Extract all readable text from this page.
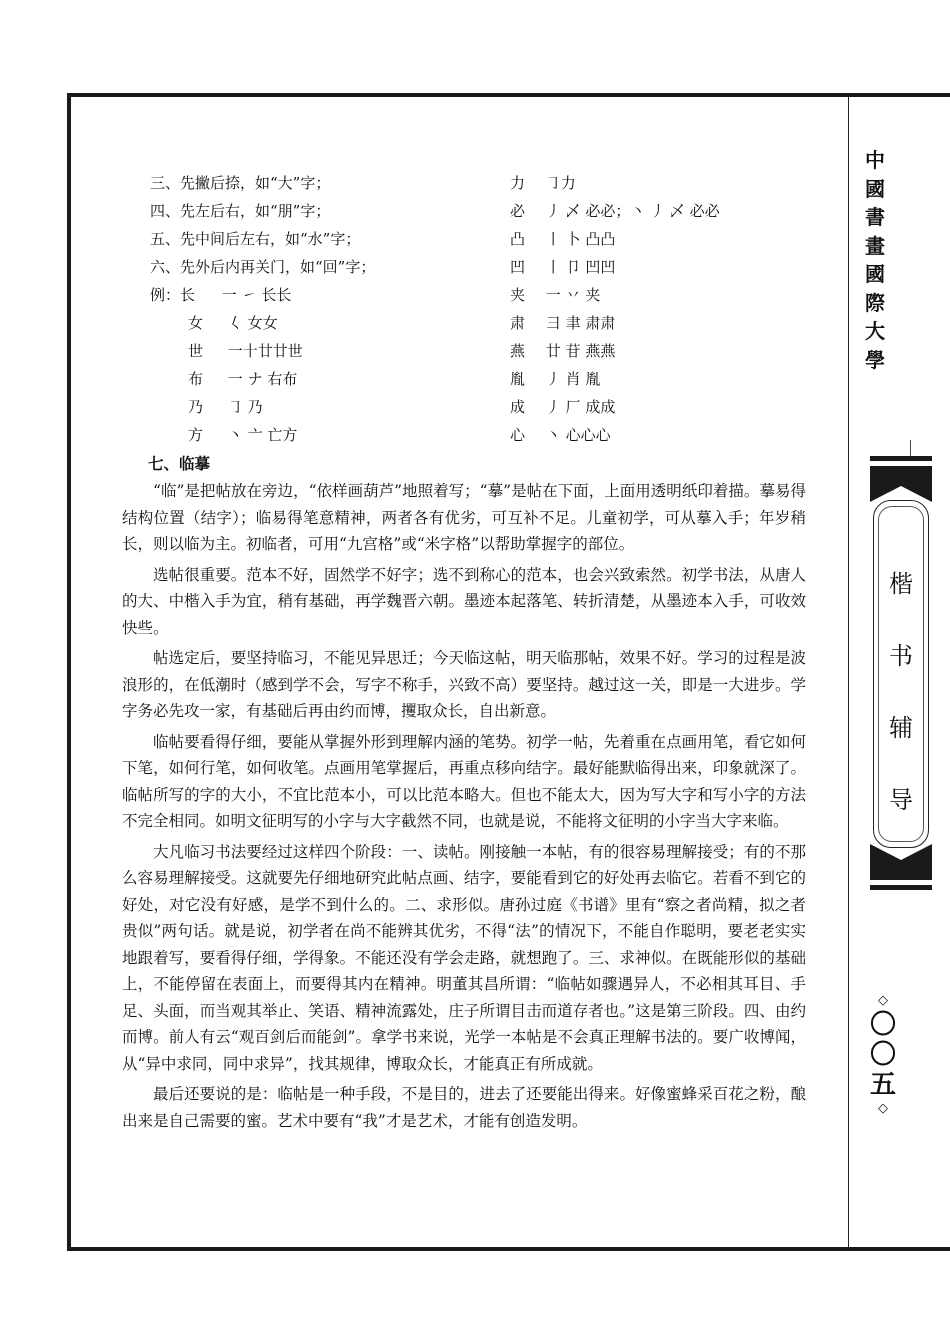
中
國
書
畫
國
際
大
學
楷
书
辅
导
◇
〇
〇
五
◇
三、先撇后捺，如“大”字；
四、先左后右，如“朋”字；
五、先中间后左右，如“水”字；
六、先外后内再关门，如“回”字；
例：长 一 ㇀ 长长
女 𡿨 女女
世 一十廿廿世
布 一 ナ 右布
乃 ㇆ 乃
方 丶 亠 亡方
力 ㇆力
必 丿 乄 必必；丶 丿 乄 必必
凸 丨 卜 凸凸
凹 丨 卩 凹凹
夹 一 丷 夹
肃 彐 聿 肃肃
燕 廿 苷 燕燕
胤 丿 肖 胤
成 丿 厂 成成
心 丶 心心心
七、临摹

“临”是把帖放在旁边，“依样画葫芦”地照着写；“摹”是帖在下面，上面用透明纸印着描。摹易得结构位置（结字）；临易得笔意精神，两者各有优劣，可互补不足。儿童初学，可从摹入手；年岁稍长，则以临为主。初临者，可用“九宫格”或“米字格”以帮助掌握字的部位。

选帖很重要。范本不好，固然学不好字；选不到称心的范本，也会兴致索然。初学书法，从唐人的大、中楷入手为宜，稍有基础，再学魏晋六朝。墨迹本起落笔、转折清楚，从墨迹本入手，可收效快些。

帖选定后，要坚持临习，不能见异思迁；今天临这帖，明天临那帖，效果不好。学习的过程是波浪形的，在低潮时（感到学不会，写字不称手，兴致不高）要坚持。越过这一关，即是一大进步。学字务必先攻一家，有基础后再由约而博，攫取众长，自出新意。

临帖要看得仔细，要能从掌握外形到理解内涵的笔势。初学一帖，先着重在点画用笔，看它如何下笔，如何行笔，如何收笔。点画用笔掌握后，再重点移向结字。最好能默临得出来，印象就深了。临帖所写的字的大小，不宜比范本小，可以比范本略大。但也不能太大，因为写大字和写小字的方法不完全相同。如明文征明写的小字与大字截然不同，也就是说，不能将文征明的小字当大字来临。

大凡临习书法要经过这样四个阶段：一、读帖。刚接触一本帖，有的很容易理解接受；有的不那么容易理解接受。这就要先仔细地研究此帖点画、结字，要能看到它的好处再去临它。若看不到它的好处，对它没有好感，是学不到什么的。二、求形似。唐孙过庭《书谱》里有“察之者尚精，拟之者贵似”两句话。就是说，初学者在尚不能辨其优劣，不得“法”的情况下，不能自作聪明，要老老实实地跟着写，要看得仔细，学得象。不能还没有学会走路，就想跑了。三、求神似。在既能形似的基础上，不能停留在表面上，而要得其内在精神。明董其昌所谓：“临帖如骤遇异人，不必相其耳目、手足、头面，而当观其举止、笑语、精神流露处，庄子所谓目击而道存者也。”这是第三阶段。四、由约而博。前人有云“观百剑后而能剑”。拿学书来说，光学一本帖是不会真正理解书法的。要广收博闻，从“异中求同，同中求异”，找其规律，博取众长，才能真正有所成就。

最后还要说的是：临帖是一种手段，不是目的，进去了还要能出得来。好像蜜蜂采百花之粉，酿出来是自己需要的蜜。艺术中要有“我”才是艺术，才能有创造发明。
